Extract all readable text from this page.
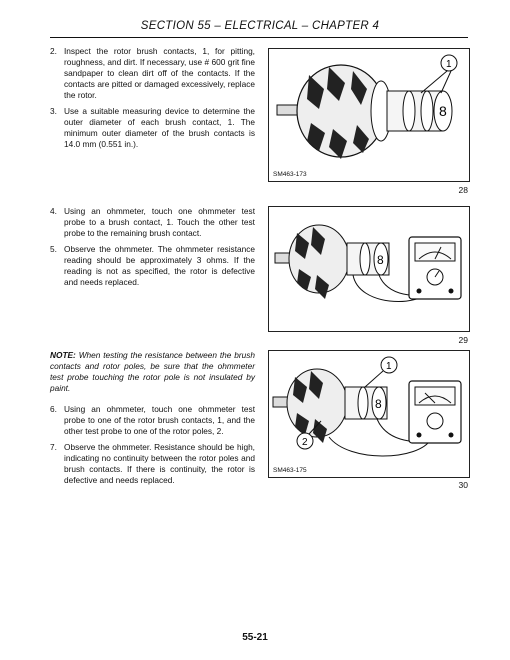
SECTION 55 – ELECTRICAL – CHAPTER 4
2. Inspect the rotor brush contacts, 1, for pitting, roughness, and dirt. If necessary, use # 600 grit fine sandpaper to clean dirt off of the contacts. If the contacts are pitted or damaged excessively, replace the rotor.
3. Use a suitable measuring device to determine the outer diameter of each brush contact, 1. The minimum outer diameter of the brush contacts is 14.0 mm (0.551 in.).
8
1
SM463-173
28
4. Using an ohmmeter, touch one ohmmeter test probe to a brush contact, 1. Touch the other test probe to the remaining brush contact.
5. Observe the ohmmeter. The ohmmeter resistance reading should be approximately 3 ohms. If the reading is not as specified, the rotor is defective and needs replaced.
8
29
NOTE: When testing the resistance between the brush contacts and rotor poles, be sure that the ohmmeter test probe touching the rotor pole is not insulated by paint.
6. Using an ohmmeter, touch one ohmmeter test probe to one of the rotor brush contacts, 1, and the other test probe to one of the rotor poles, 2.
7. Observe the ohmmeter. Resistance should be high, indicating no continuity between the rotor poles and brush contacts. If there is continuity, the rotor is defective and needs replaced.
8
1
2
SM463-175
30
55-21
